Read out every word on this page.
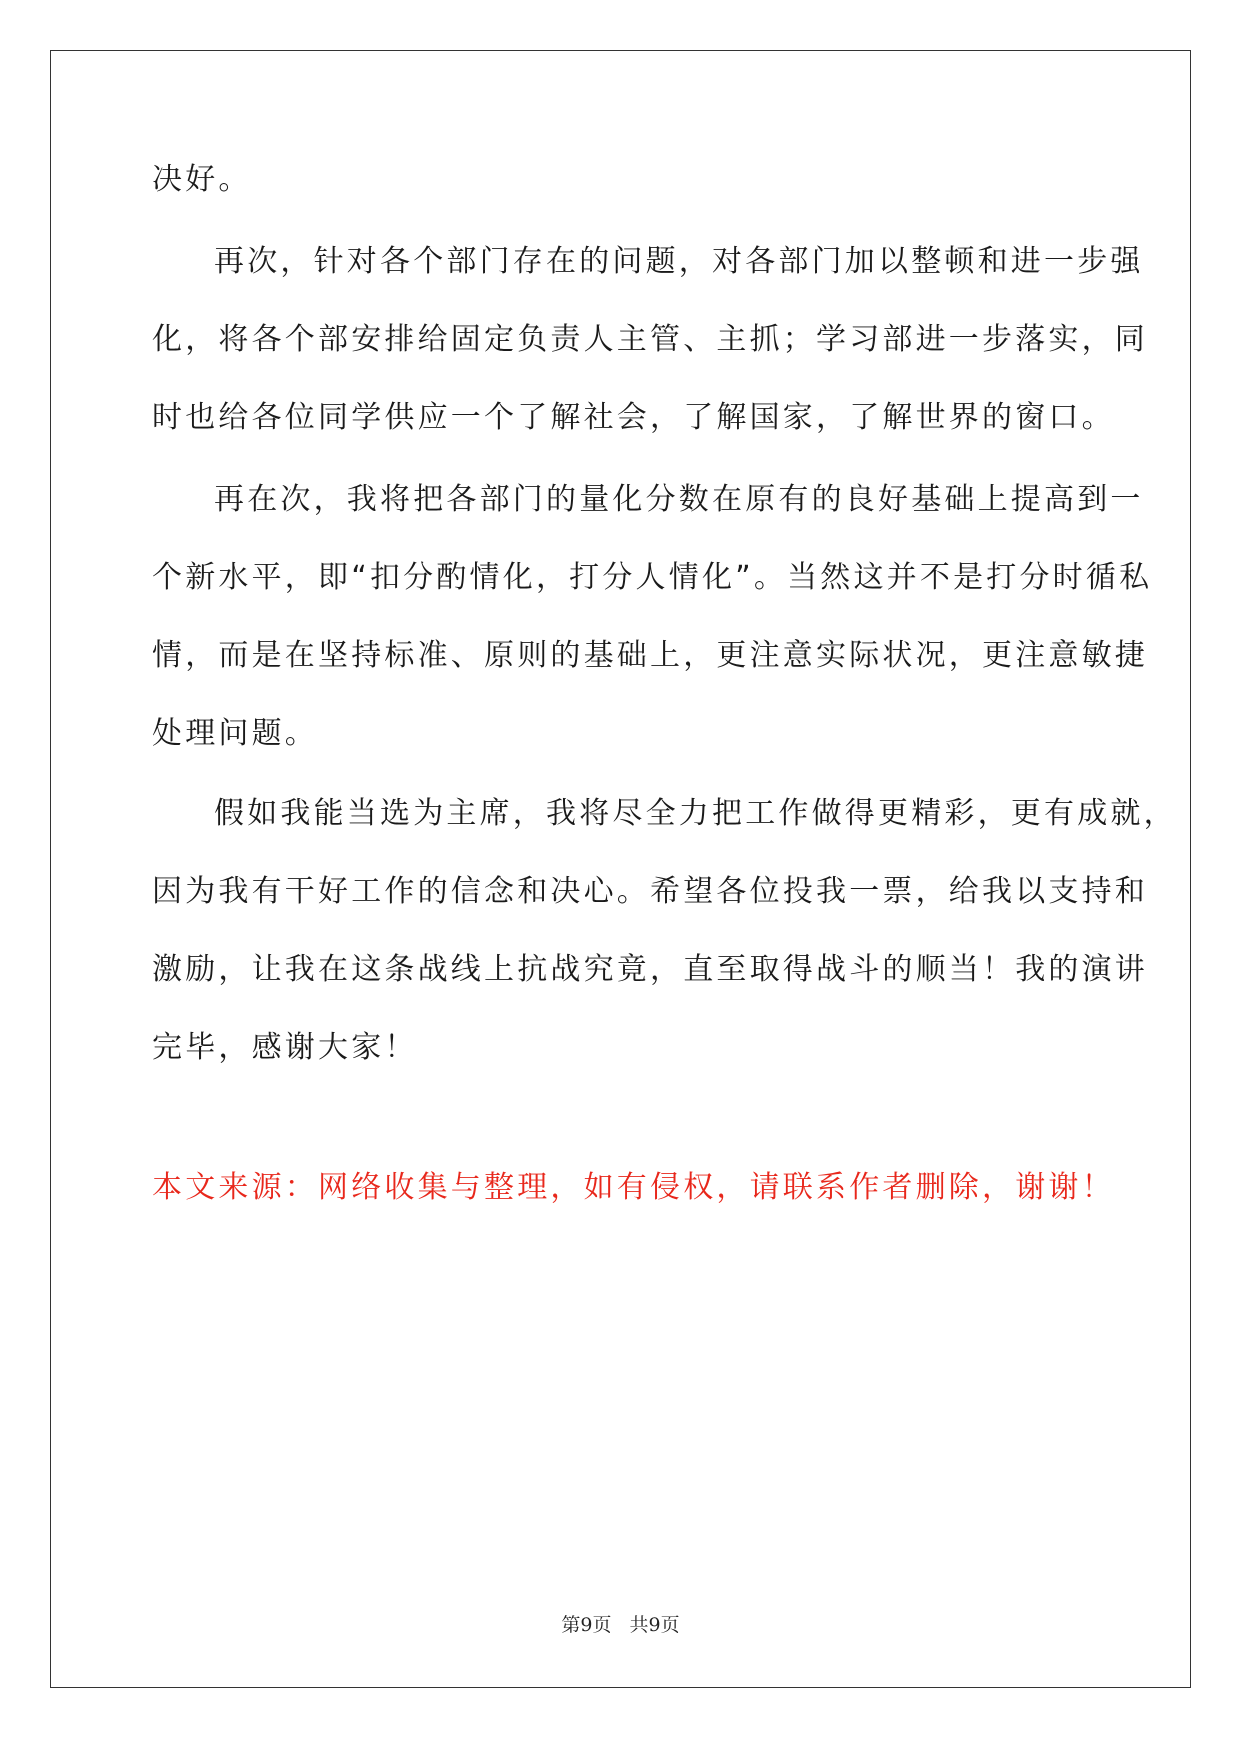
决好。
再次，针对各个部门存在的问题，对各部门加以整顿和进一步强
化，将各个部安排给固定负责人主管、主抓；学习部进一步落实，同
时也给各位同学供应一个了解社会，了解国家，了解世界的窗口。
再在次，我将把各部门的量化分数在原有的良好基础上提高到一
个新水平，即“扣分酌情化，打分人情化”。当然这并不是打分时循私
情，而是在坚持标准、原则的基础上，更注意实际状况，更注意敏捷
处理问题。
假如我能当选为主席，我将尽全力把工作做得更精彩，更有成就，
因为我有干好工作的信念和决心。希望各位投我一票，给我以支持和
激励，让我在这条战线上抗战究竟，直至取得战斗的顺当！我的演讲
完毕，感谢大家！
本文来源：网络收集与整理，如有侵权，请联系作者删除，谢谢！
第9页 共9页
